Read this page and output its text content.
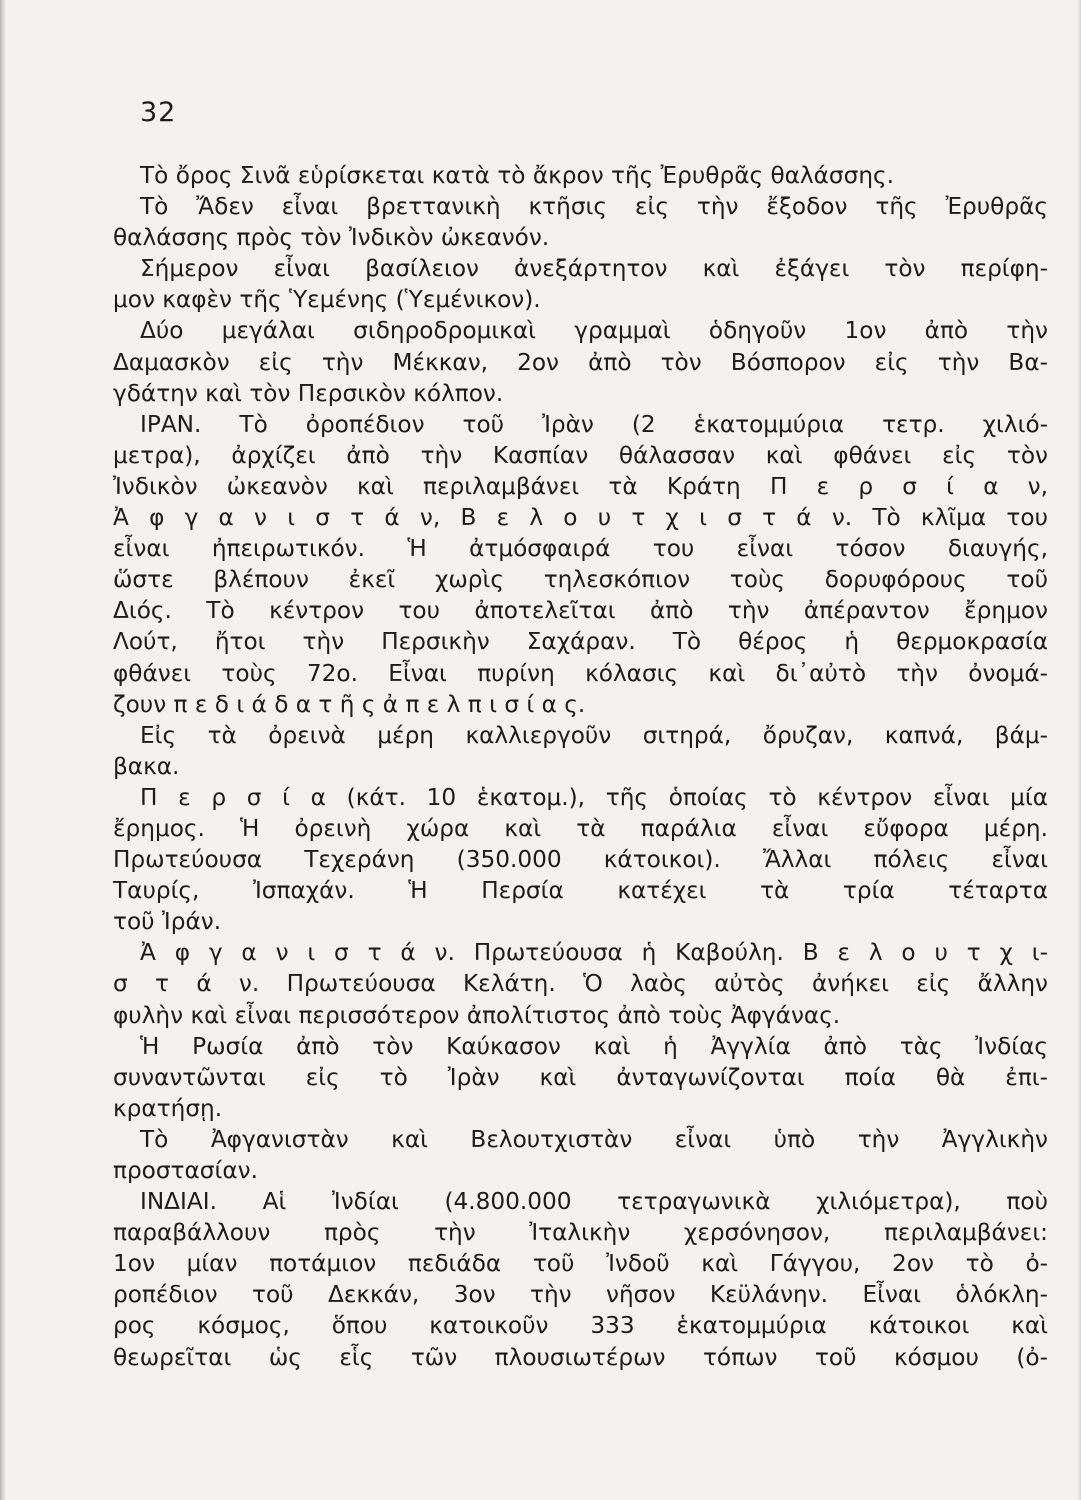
32
Τὸ ὄρος Σινᾶ εὑρίσκεται κατὰ τὸ ἄκρον τῆς Ἐρυθρᾶς θαλάσσης.
Τὸ Ἄδεν εἶναι βρεττανικὴ κτῆσις εἰς τὴν ἔξοδον τῆς Ἐρυθρᾶς
θαλάσσης πρὸς τὸν Ἰνδικὸν ὠκεανόν.
Σήμερον εἶναι βασίλειον ἀνεξάρτητον καὶ ἐξάγει τὸν περίφη-
μον καφὲν τῆς Ὑεμένης (Ὑεμένικον).
Δύο μεγάλαι σιδηροδρομικαὶ γραμμαὶ ὁδηγοῦν 1ον ἀπὸ τὴν
Δαμασκὸν εἰς τὴν Μέκκαν, 2ον ἀπὸ τὸν Βόσπορον εἰς τὴν Βα-
γδάτην καὶ τὸν Περσικὸν κόλπον.
ΙΡΑΝ. Τὸ ὀροπέδιον τοῦ Ἰρὰν (2 ἑκατομμύρια τετρ. χιλιό-
μετρα), ἀρχίζει ἀπὸ τὴν Κασπίαν θάλασσαν καὶ φθάνει εἰς τὸν
Ἰνδικὸν ὠκεανὸν καὶ περιλαμβάνει τὰ Κράτη Π ε ρ σ ί α ν,
Ἀ φ γ α ν ι σ τ ά ν, Β ε λ ο υ τ χ ι σ τ ά ν. Τὸ κλῖμα του
εἶναι ἠπειρωτικόν. Ἡ ἀτμόσφαιρά του εἶναι τόσον διαυγής,
ὥστε βλέπουν ἐκεῖ χωρὶς τηλεσκόπιον τοὺς δορυφόρους τοῦ
Διός. Τὸ κέντρον του ἀποτελεῖται ἀπὸ τὴν ἀπέραντον ἔρημον
Λούτ, ἤτοι τὴν Περσικὴν Σαχάραν. Τὸ θέρος ἡ θερμοκρασία
φθάνει τοὺς 72ο. Εἶναι πυρίνη κόλασις καὶ δι᾽αὐτὸ τὴν ὀνομά-
ζουν π ε δ ι ά δ α τ ῆ ς ἀ π ε λ π ι σ ί α ς.
Εἰς τὰ ὀρεινὰ μέρη καλλιεργοῦν σιτηρά, ὄρυζαν, καπνά, βάμ-
βακα.
Π ε ρ σ ί α (κάτ. 10 ἑκατομ.), τῆς ὁποίας τὸ κέντρον εἶναι μία
ἔρημος. Ἡ ὀρεινὴ χώρα καὶ τὰ παράλια εἶναι εὔφορα μέρη.
Πρωτεύουσα Τεχεράνη (350.000 κάτοικοι). Ἄλλαι πόλεις εἶναι
Ταυρίς, Ἰσπαχάν. Ἡ Περσία κατέχει τὰ τρία τέταρτα
τοῦ Ἰράν.
Ἀ φ γ α ν ι σ τ ά ν. Πρωτεύουσα ἡ Καβούλη. Β ε λ ο υ τ χ ι-
σ τ ά ν. Πρωτεύουσα Κελάτη. Ὁ λαὸς αὐτὸς ἀνήκει εἰς ἄλλην
φυλὴν καὶ εἶναι περισσότερον ἀπολίτιστος ἀπὸ τοὺς Ἀφγάνας.
Ἡ Ρωσία ἀπὸ τὸν Καύκασον καὶ ἡ Ἀγγλία ἀπὸ τὰς Ἰνδίας
συναντῶνται εἰς τὸ Ἰρὰν καὶ ἀνταγωνίζονται ποία θὰ ἐπι-
κρατήσῃ.
Τὸ Ἀφγανιστὰν καὶ Βελουτχιστὰν εἶναι ὑπὸ τὴν Ἀγγλικὴν
προστασίαν.
ΙΝΔΙΑΙ. Αἱ Ἰνδίαι (4.800.000 τετραγωνικὰ χιλιόμετρα), ποὺ
παραβάλλουν πρὸς τὴν Ἰταλικὴν χερσόνησον, περιλαμβάνει:
1ον μίαν ποτάμιον πεδιάδα τοῦ Ἰνδοῦ καὶ Γάγγου, 2ον τὸ ὀ-
ροπέδιον τοῦ Δεκκάν, 3ον τὴν νῆσον Κεϋλάνην. Εἶναι ὁλόκλη-
ρος κόσμος, ὅπου κατοικοῦν 333 ἑκατομμύρια κάτοικοι καὶ
θεωρεῖται ὡς εἷς τῶν πλουσιωτέρων τόπων τοῦ κόσμου (ὀ-
